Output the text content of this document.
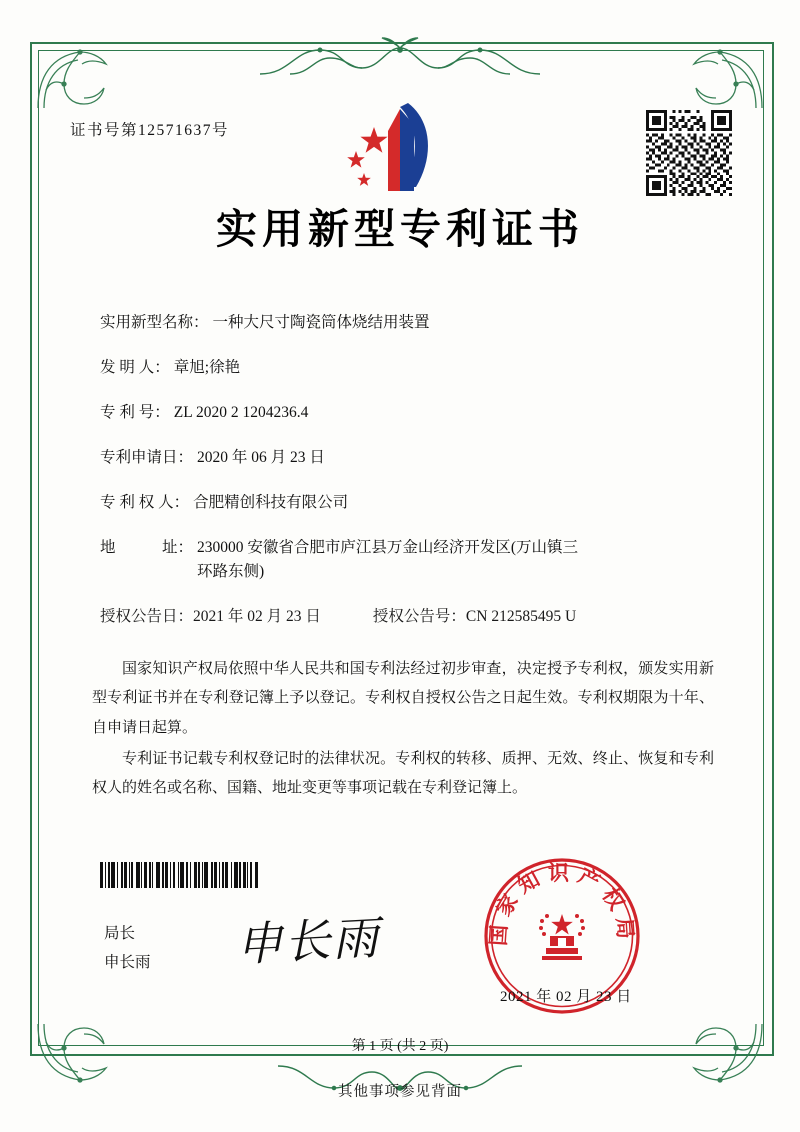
证书号第12571637号
实用新型专利证书
实用新型名称： 一种大尺寸陶瓷筒体烧结用装置
发 明 人： 章旭;徐艳
专 利 号： ZL 2020 2 1204236.4
专利申请日： 2020 年 06 月 23 日
专 利 权 人： 合肥精创科技有限公司
地　　　址： 230000 安徽省合肥市庐江县万金山经济开发区(万山镇三
环路东侧)
授权公告日：2021 年 02 月 23 日	授权公告号：CN 212585495 U

国家知识产权局依照中华人民共和国专利法经过初步审查，决定授予专利权，颁发实用新型专利证书并在专利登记簿上予以登记。专利权自授权公告之日起生效。专利权期限为十年、自申请日起算。

专利证书记载专利权登记时的法律状况。专利权的转移、质押、无效、终止、恢复和专利权人的姓名或名称、国籍、地址变更等事项记载在专利登记簿上。

局长
申长雨 申长雨	国家知识产权局
2021 年 02 月 23 日
第 1 页 (共 2 页)
其他事项参见背面
